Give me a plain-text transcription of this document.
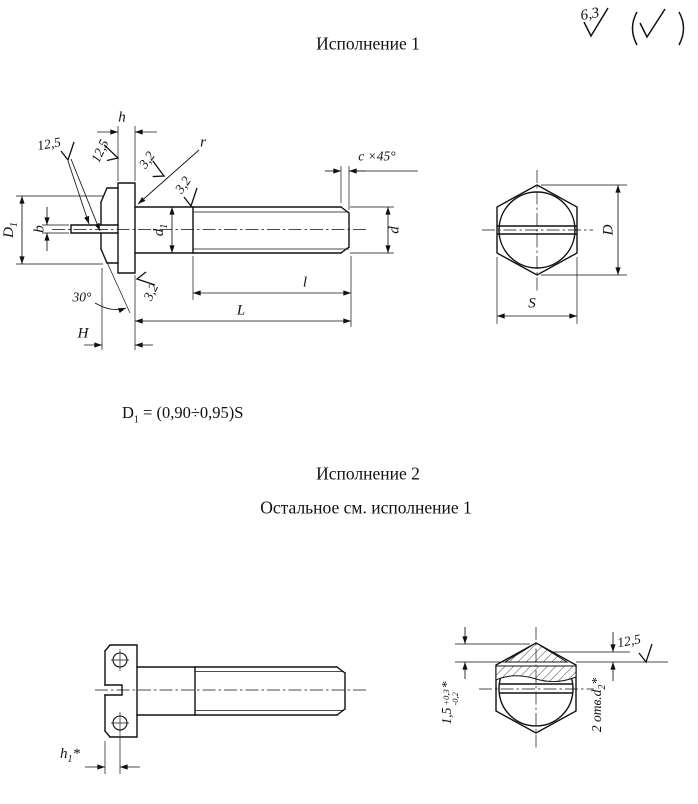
6,3
Исполнение 1
h
12,5
12,5
3,2
r
3,2
c ×45°
d
$d_1$
$D_1$
b
l
L
H
30°	3,2
D
S
$D_1 = (0,90\div 0,95)S$
Исполнение 2
Остальное см. исполнение 1
$h_1*$
1,5
+0,3
-0,2
*
2 $отв.d_2*$
12,5
